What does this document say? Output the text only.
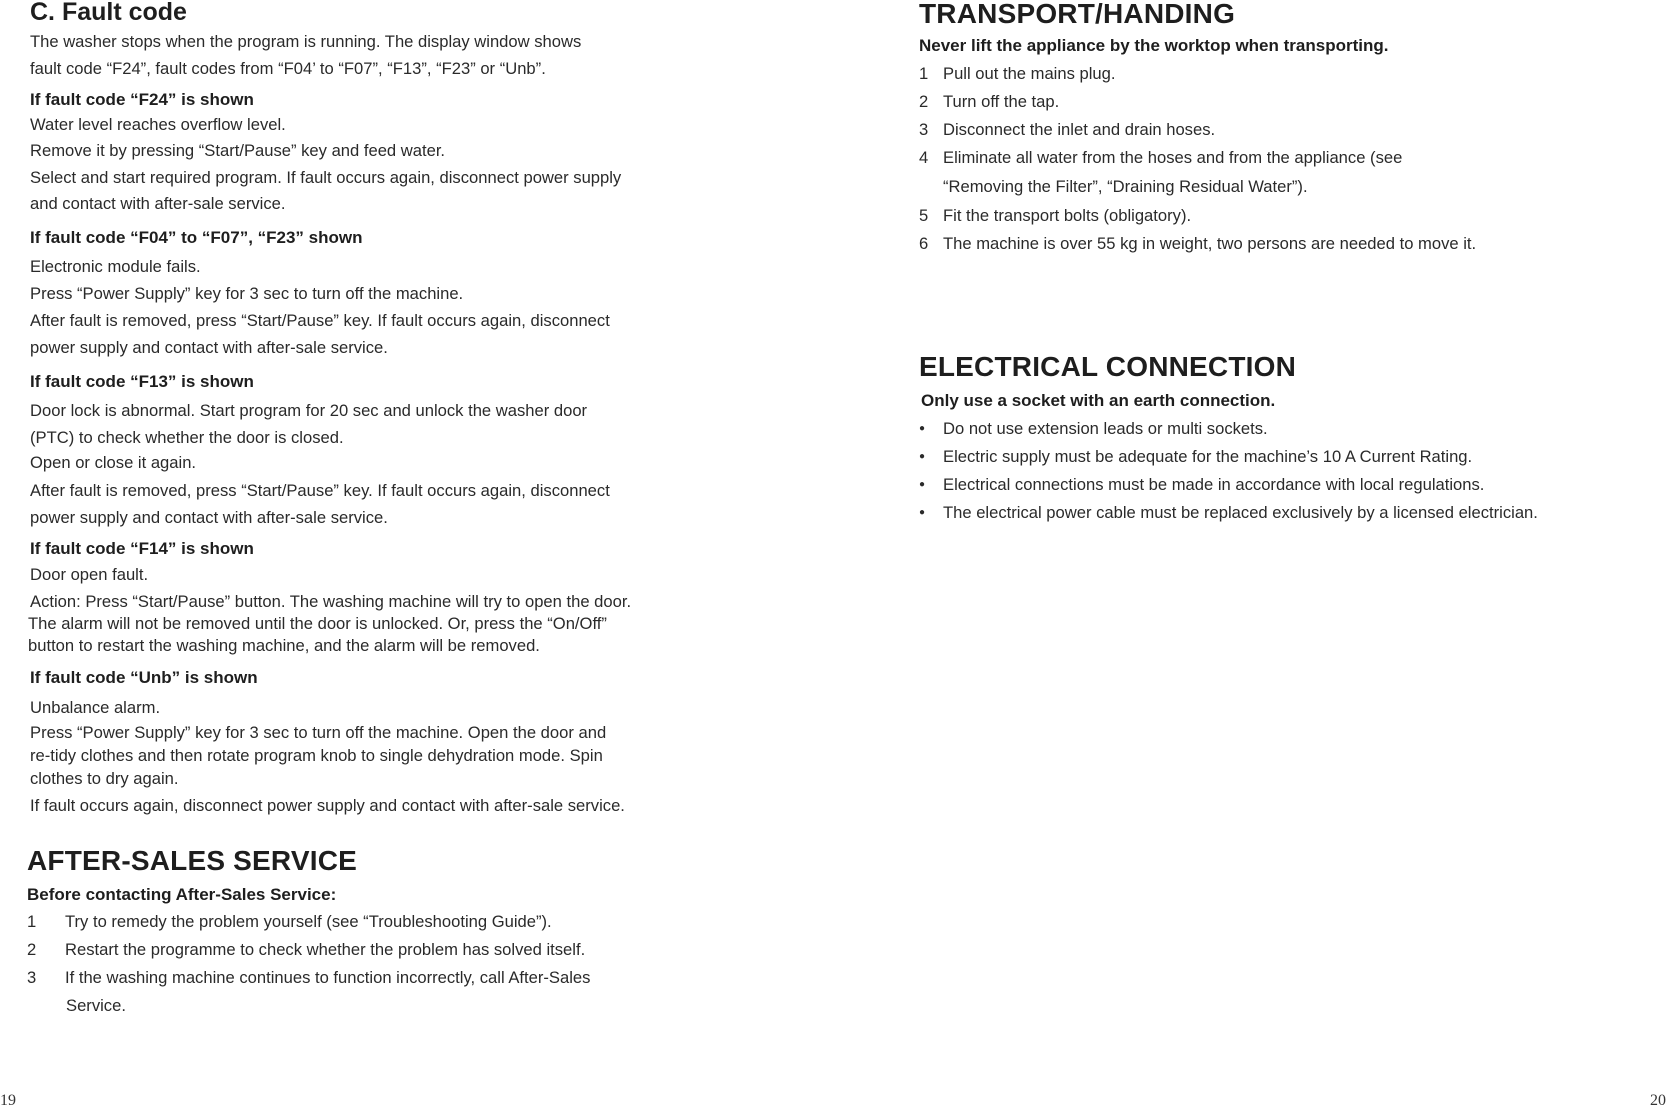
C. Fault code
The washer stops when the program is running. The display window shows
fault code “F24”, fault codes from “F04’ to “F07”, “F13”, “F23” or “Unb”.
If fault code “F24” is shown
Water level reaches overflow level.
Remove it by pressing “Start/Pause” key and feed water.
Select and start required program. If fault occurs again, disconnect power supply
and contact with after-sale service.
If fault code “F04” to “F07”, “F23” shown
Electronic module fails.
Press “Power Supply” key for 3 sec to turn off the machine.
After fault is removed, press “Start/Pause” key. If fault occurs again, disconnect
power supply and contact with after-sale service.
If fault code “F13” is shown
Door lock is abnormal. Start program for 20 sec and unlock the washer door
(PTC) to check whether the door is closed.
Open or close it again.
After fault is removed, press “Start/Pause” key. If fault occurs again, disconnect
power supply and contact with after-sale service.
If fault code “F14” is shown
Door open fault.
Action: Press “Start/Pause” button. The washing machine will try to open the door.
The alarm will not be removed until the door is unlocked. Or, press the “On/Off”
button to restart the washing machine, and the alarm will be removed.
If fault code “Unb” is shown
Unbalance alarm.
Press “Power Supply” key for 3 sec to turn off the machine. Open the door and
re-tidy clothes and then rotate program knob to single dehydration mode. Spin
clothes to dry again.
If fault occurs again, disconnect power supply and contact with after-sale service.
AFTER-SALES SERVICE
Before contacting After-Sales Service:
1 Try to remedy the problem yourself (see “Troubleshooting Guide”).
2 Restart the programme to check whether the problem has solved itself.
3 If the washing machine continues to function incorrectly, call After-Sales
Service.
19
TRANSPORT/HANDING
Never lift the appliance by the worktop when transporting.
1 Pull out the mains plug.
2 Turn off the tap.
3 Disconnect the inlet and drain hoses.
4 Eliminate all water from the hoses and from the appliance (see
“Removing the Filter”, “Draining Residual Water”).
5 Fit the transport bolts (obligatory).
6 The machine is over 55 kg in weight, two persons are needed to move it.
ELECTRICAL CONNECTION
Only use a socket with an earth connection.
● Do not use extension leads or multi sockets.
● Electric supply must be adequate for the machine’s 10 A Current Rating.
● Electrical connections must be made in accordance with local regulations.
● The electrical power cable must be replaced exclusively by a licensed electrician.
20
